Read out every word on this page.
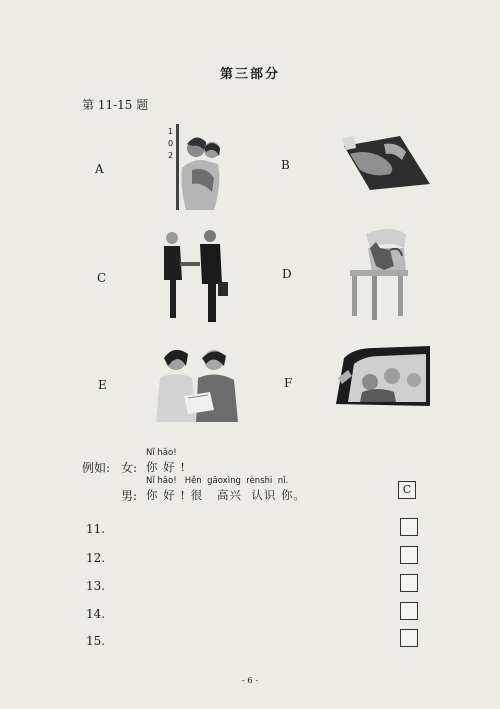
第三部分
第 11-15 题
A	B
C	D
E	F
1
0
2
例如: 女:
Nǐ hǎo!
你 好 !
男:
Nǐ hǎo!   Hěn  gāoxìng  rènshi  nǐ.
你 好 ! 很   高兴  认识 你。	C
11.
12.
13.
14.
15.
- 6 -
